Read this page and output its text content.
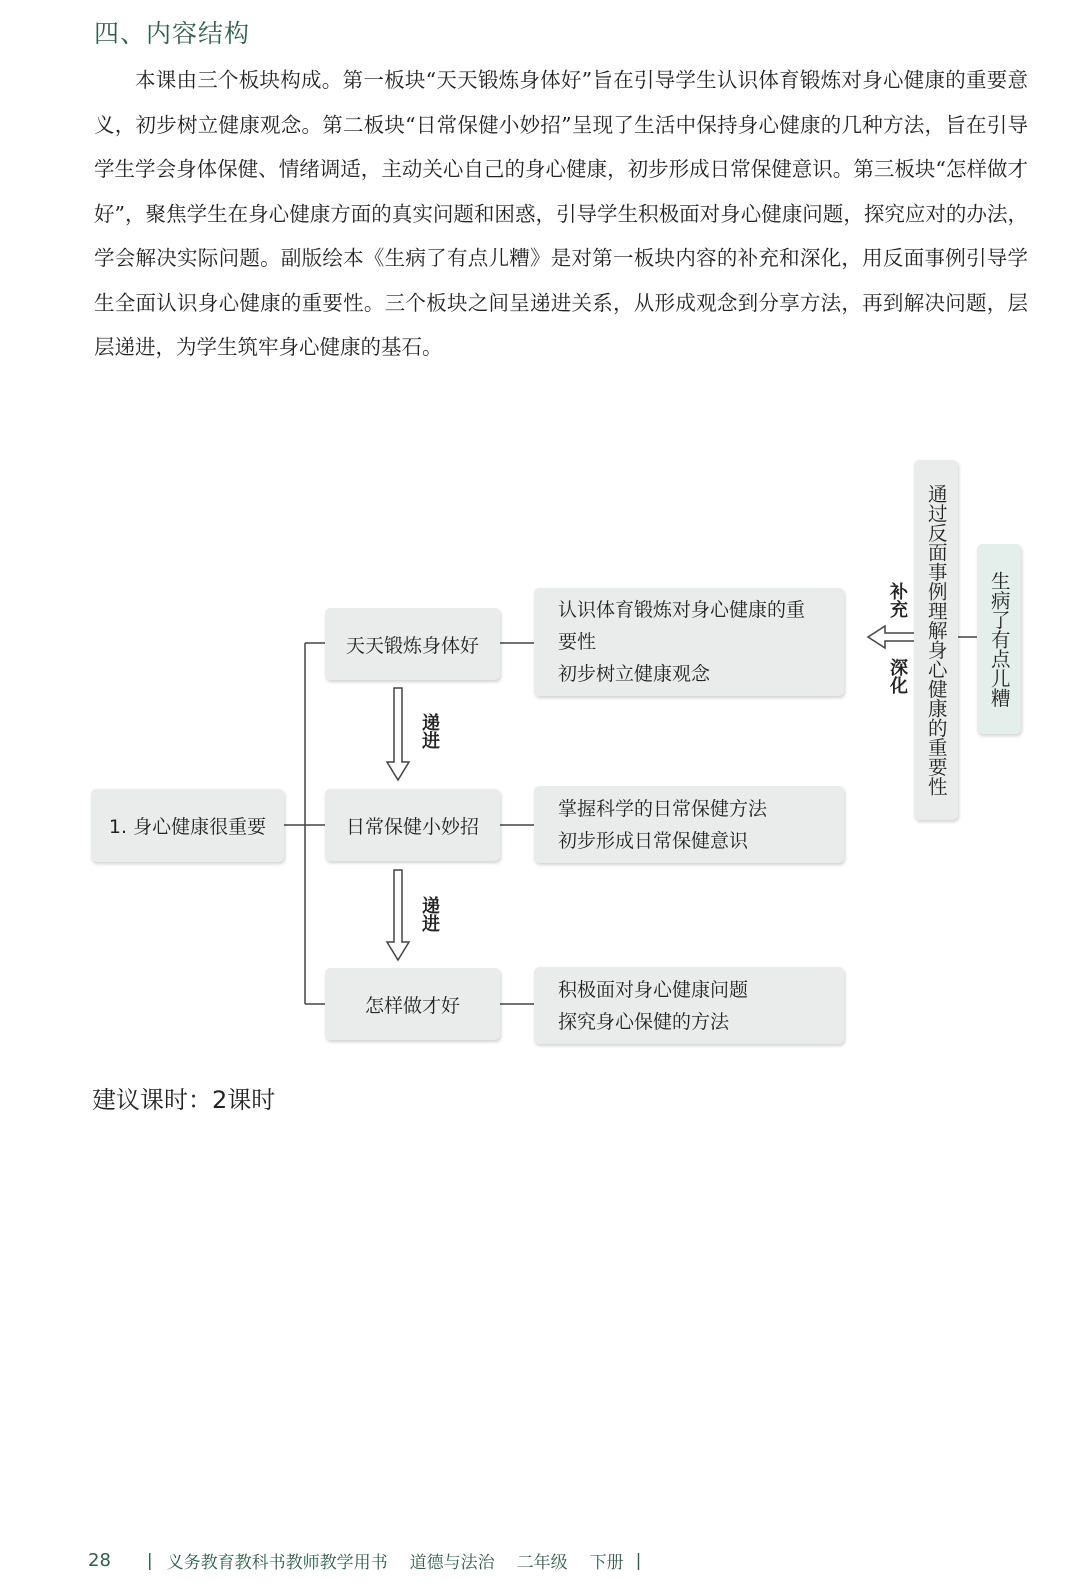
四、内容结构
本课由三个板块构成。第一板块“天天锻炼身体好”旨在引导学生认识体育锻炼对身心健康的重要意义，初步树立健康观念。第二板块“日常保健小妙招”呈现了生活中保持身心健康的几种方法，旨在引导学生学会身体保健、情绪调适，主动关心自己的身心健康，初步形成日常保健意识。第三板块“怎样做才好”，聚焦学生在身心健康方面的真实问题和困惑，引导学生积极面对身心健康问题，探究应对的办法，学会解决实际问题。副版绘本《生病了有点儿糟》是对第一板块内容的补充和深化，用反面事例引导学生全面认识身心健康的重要性。三个板块之间呈递进关系，从形成观念到分享方法，再到解决问题，层层递进，为学生筑牢身心健康的基石。
1. 身心健康很重要
天天锻炼身体好
日常保健小妙招
怎样做才好
认识体育锻炼对身心健康的重
要性
初步树立健康观念
掌握科学的日常保健方法
初步形成日常保健意识
积极面对身心健康问题
探究身心保健的方法
递进
递进
补充
深化 通过反面事例理解身心健康的重要性	生病了有点儿糟
建议课时：2课时
28 | 义务教育教科书教师教学用书 道德与法治 二年级 下册 |
